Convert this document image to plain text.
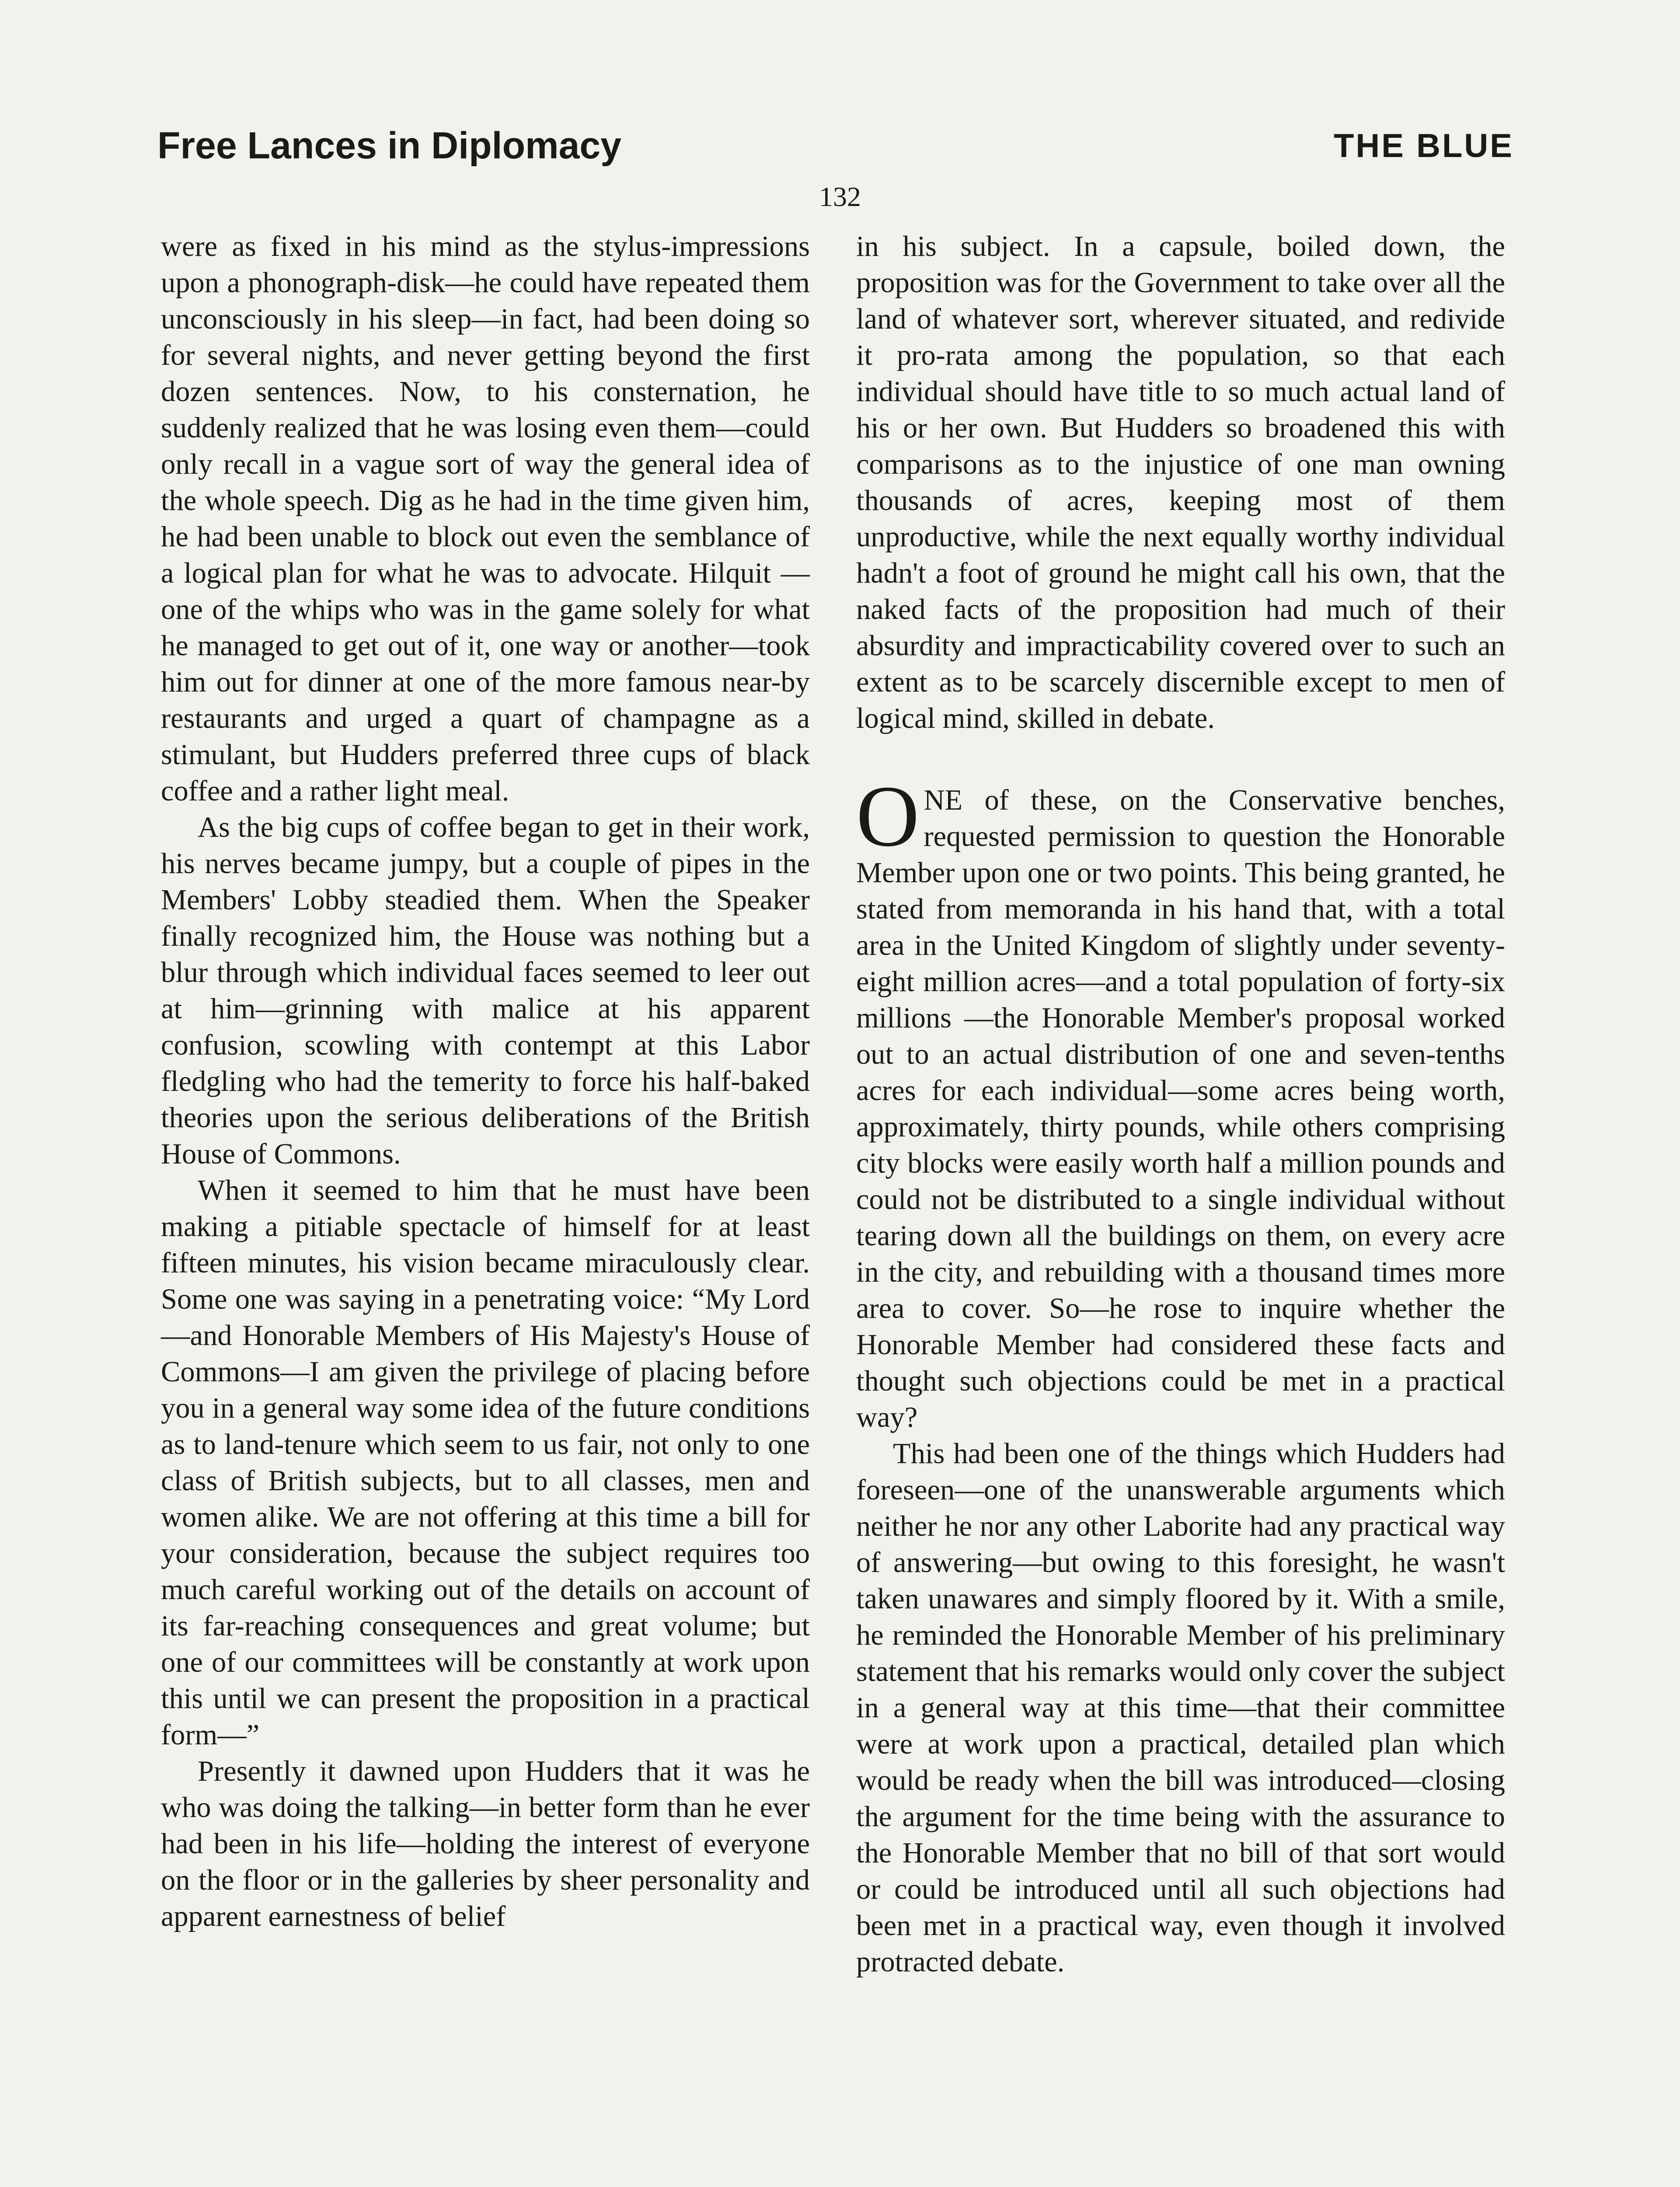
Free Lances in Diplomacy	THE BLUE
132

were as fixed in his mind as the stylus-impressions upon a phonograph-disk—he could have repeated them unconsciously in his sleep—in fact, had been doing so for several nights, and never getting beyond the first dozen sentences. Now, to his consternation, he suddenly realized that he was losing even them—could only recall in a vague sort of way the general idea of the whole speech. Dig as he had in the time given him, he had been unable to block out even the semblance of a logical plan for what he was to advocate. Hilquit —one of the whips who was in the game solely for what he managed to get out of it, one way or another—took him out for dinner at one of the more famous near-by restaurants and urged a quart of champagne as a stimulant, but Hudders preferred three cups of black coffee and a rather light meal.

As the big cups of coffee began to get in their work, his nerves became jumpy, but a couple of pipes in the Members' Lobby steadied them. When the Speaker finally recognized him, the House was nothing but a blur through which individual faces seemed to leer out at him—grinning with malice at his apparent confusion, scowling with contempt at this Labor fledgling who had the temerity to force his half-baked theories upon the serious deliberations of the British House of Commons.

When it seemed to him that he must have been making a pitiable spectacle of himself for at least fifteen minutes, his vision became miraculously clear. Some one was saying in a penetrating voice: “My Lord—and Honorable Members of His Majesty's House of Commons—I am given the privilege of placing before you in a general way some idea of the future conditions as to land-tenure which seem to us fair, not only to one class of British subjects, but to all classes, men and women alike. We are not offering at this time a bill for your consideration, because the subject requires too much careful working out of the details on account of its far-reaching consequences and great volume; but one of our committees will be constantly at work upon this until we can present the proposition in a practical form—”

Presently it dawned upon Hudders that it was he who was doing the talking—in better form than he ever had been in his life—holding the interest of everyone on the floor or in the galleries by sheer personality and apparent earnestness of belief

in his subject. In a capsule, boiled down, the proposition was for the Government to take over all the land of whatever sort, wherever situated, and redivide it pro-rata among the population, so that each individual should have title to so much actual land of his or her own. But Hudders so broadened this with comparisons as to the injustice of one man owning thousands of acres, keeping most of them unproductive, while the next equally worthy individual hadn't a foot of ground he might call his own, that the naked facts of the proposition had much of their absurdity and impracticability covered over to such an extent as to be scarcely discernible except to men of logical mind, skilled in debate.

ONE of these, on the Conservative benches, requested permission to question the Honorable Member upon one or two points. This being granted, he stated from memoranda in his hand that, with a total area in the United Kingdom of slightly under seventy-eight million acres—and a total population of forty-six millions —the Honorable Member's proposal worked out to an actual distribution of one and seven-tenths acres for each individual—some acres being worth, approximately, thirty pounds, while others comprising city blocks were easily worth half a million pounds and could not be distributed to a single individual without tearing down all the buildings on them, on every acre in the city, and rebuilding with a thousand times more area to cover. So—he rose to inquire whether the Honorable Member had considered these facts and thought such objections could be met in a practical way?

This had been one of the things which Hudders had foreseen—one of the unanswerable arguments which neither he nor any other Laborite had any practical way of answering—but owing to this foresight, he wasn't taken unawares and simply floored by it. With a smile, he reminded the Honorable Member of his preliminary statement that his remarks would only cover the subject in a general way at this time—that their committee were at work upon a practical, detailed plan which would be ready when the bill was introduced—closing the argument for the time being with the assurance to the Honorable Member that no bill of that sort would or could be introduced until all such objections had been met in a practical way, even though it involved protracted debate.
